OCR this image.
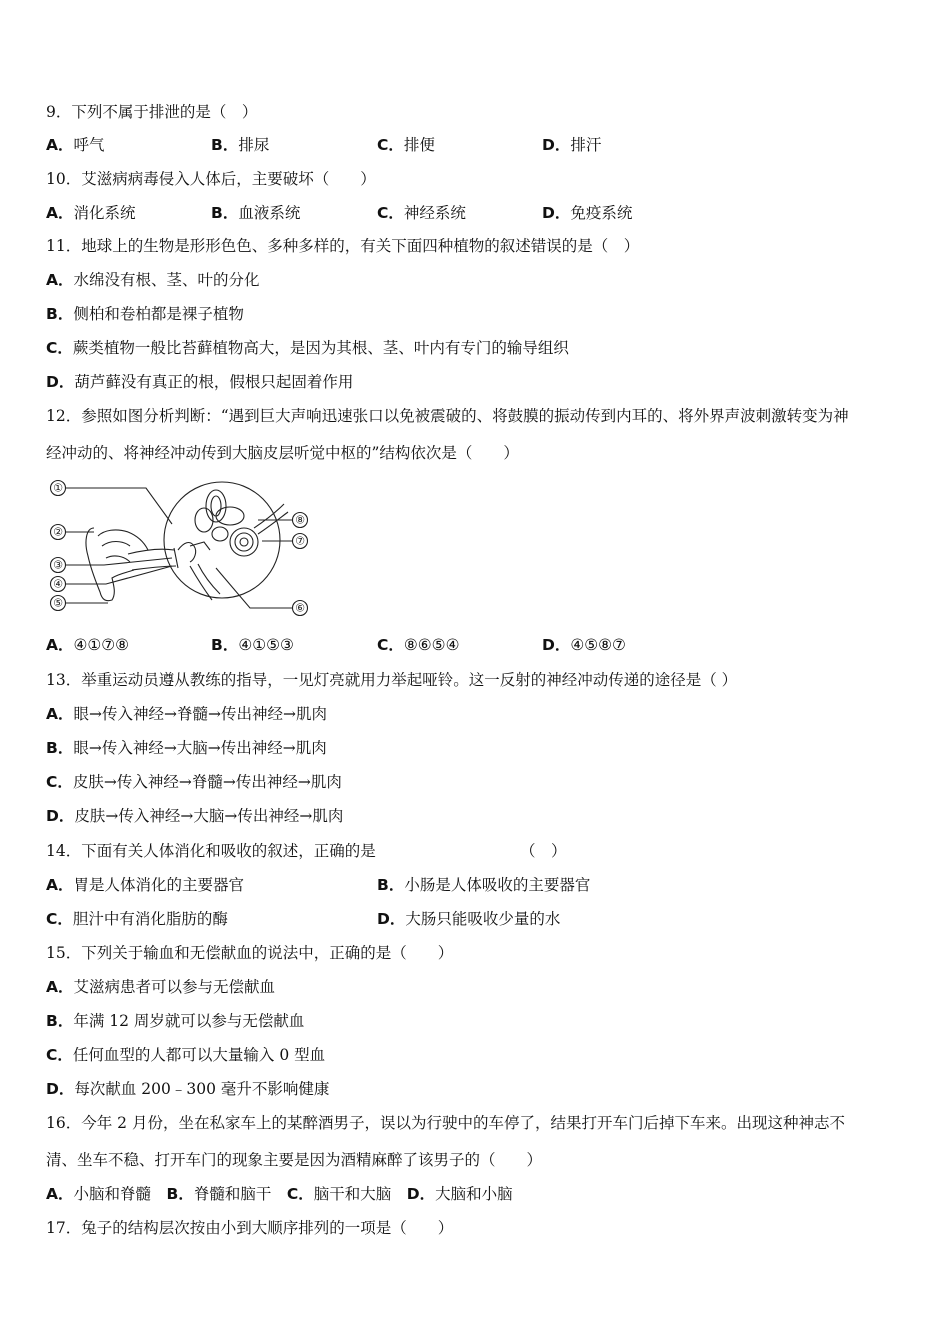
9．下列不属于排泄的是（　）
A．呼气	B．排尿	C．排便	D．排汗
10．艾滋病病毒侵入人体后，主要破坏（　　）
A．消化系统	B．血液系统	C．神经系统	D．免疫系统
11．地球上的生物是形形色色、多种多样的，有关下面四种植物的叙述错误的是（　）
A．水绵没有根、茎、叶的分化
B．侧柏和卷柏都是裸子植物
C．蕨类植物一般比苔藓植物高大，是因为其根、茎、叶内有专门的输导组织
D．葫芦藓没有真正的根，假根只起固着作用
12．参照如图分析判断：“遇到巨大声响迅速张口以免被震破的、将鼓膜的振动传到内耳的、将外界声波刺激转变为神
经冲动的、将神经冲动传到大脑皮层听觉中枢的”结构依次是（　　）
①
②
③
④
⑤	⑥
⑦
⑧
A．④①⑦⑧	B．④①⑤③	C．⑧⑥⑤④	D．④⑤⑧⑦
13．举重运动员遵从教练的指导，一见灯亮就用力举起哑铃。这一反射的神经冲动传递的途径是（ ）
A．眼→传入神经→脊髓→传出神经→肌肉
B．眼→传入神经→大脑→传出神经→肌肉
C．皮肤→传入神经→脊髓→传出神经→肌肉
D．皮肤→传入神经→大脑→传出神经→肌肉
14．下面有关人体消化和吸收的叙述，正确的是	（　）
A．胃是人体消化的主要器官	B．小肠是人体吸收的主要器官
C．胆汁中有消化脂肪的酶	D．大肠只能吸收少量的水
15．下列关于输血和无偿献血的说法中，正确的是（　　）
A．艾滋病患者可以参与无偿献血
B．年满 12 周岁就可以参与无偿献血
C．任何血型的人都可以大量输入 0 型血
D．每次献血 200﹣300 毫升不影响健康
16．今年 2 月份，坐在私家车上的某醉酒男子，误以为行驶中的车停了，结果打开车门后掉下车来。出现这种神志不
清、坐车不稳、打开车门的现象主要是因为酒精麻醉了该男子的（　　）
A．小脑和脊髓  B．脊髓和脑干  C．脑干和大脑  D．大脑和小脑
17．兔子的结构层次按由小到大顺序排列的一项是（　　）
